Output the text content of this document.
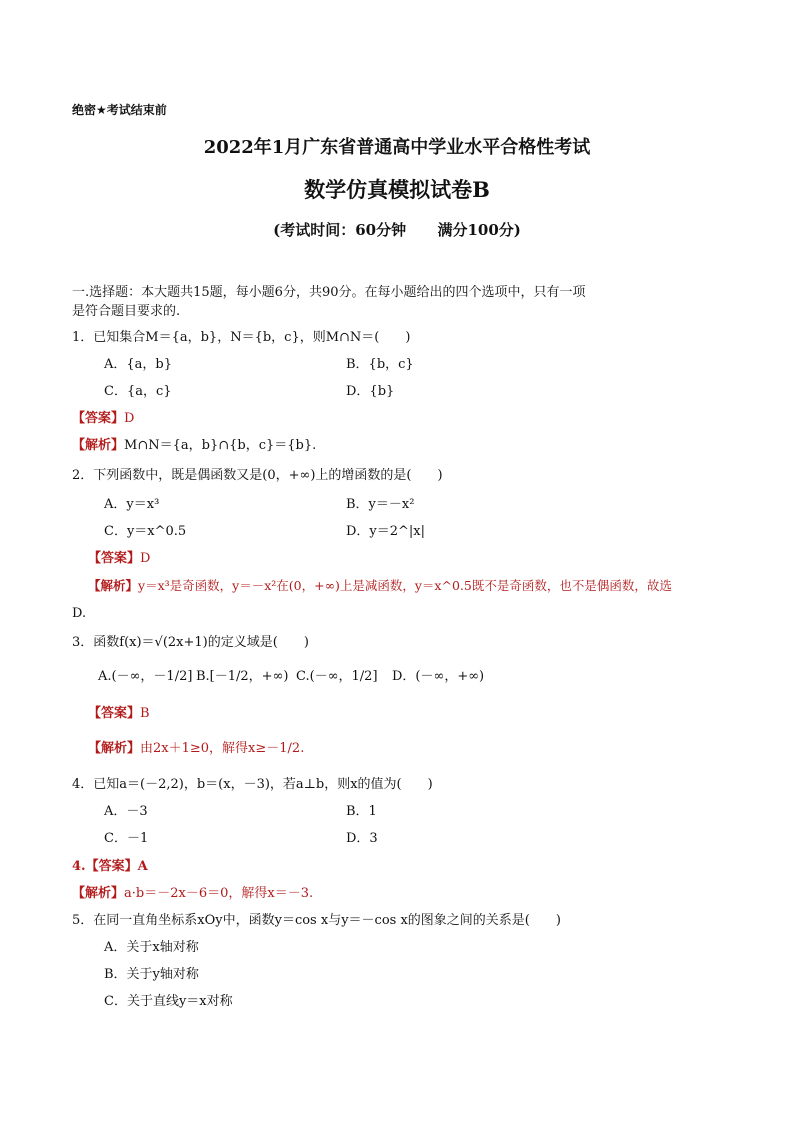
绝密★考试结束前
2022年1月广东省普通高中学业水平合格性考试
数学仿真模拟试卷B
(考试时间：60分钟      满分100分)
一.选择题：本大题共15题，每小题6分，共90分。在每小题给出的四个选项中，只有一项
是符合题目要求的.
1．已知集合M＝{a，b}，N＝{b，c}，则M∩N＝(　　)
A．{a，b}	B．{b，c}
C．{a，c}	D．{b}
【答案】D
【解析】M∩N＝{a，b}∩{b，c}＝{b}.
2．下列函数中，既是偶函数又是(0，+∞)上的增函数的是(　　)
A．y＝x³	B．y＝－x²
C．y＝x^0.5	D．y＝2^|x|
【答案】D
【解析】y＝x³是奇函数，y＝－x²在(0，+∞)上是减函数，y＝x^0.5既不是奇函数，也不是偶函数，故选
D.
3．函数f(x)＝√(2x+1)的定义域是(　　)
A.(－∞，－1/2] B.[－1/2，+∞) C.(－∞，1/2] D．(－∞，+∞)
【答案】B
【解析】由2x＋1≥0，解得x≥－1/2.
4．已知a＝(－2,2)，b＝(x，－3)，若a⊥b，则x的值为(　　)
A．－3	B．1
C．－1	D．3
4.【答案】A
【解析】a·b＝－2x－6＝0，解得x＝－3.
5．在同一直角坐标系xOy中，函数y＝cos x与y＝－cos x的图象之间的关系是(　　)
A．关于x轴对称
B．关于y轴对称
C．关于直线y＝x对称
